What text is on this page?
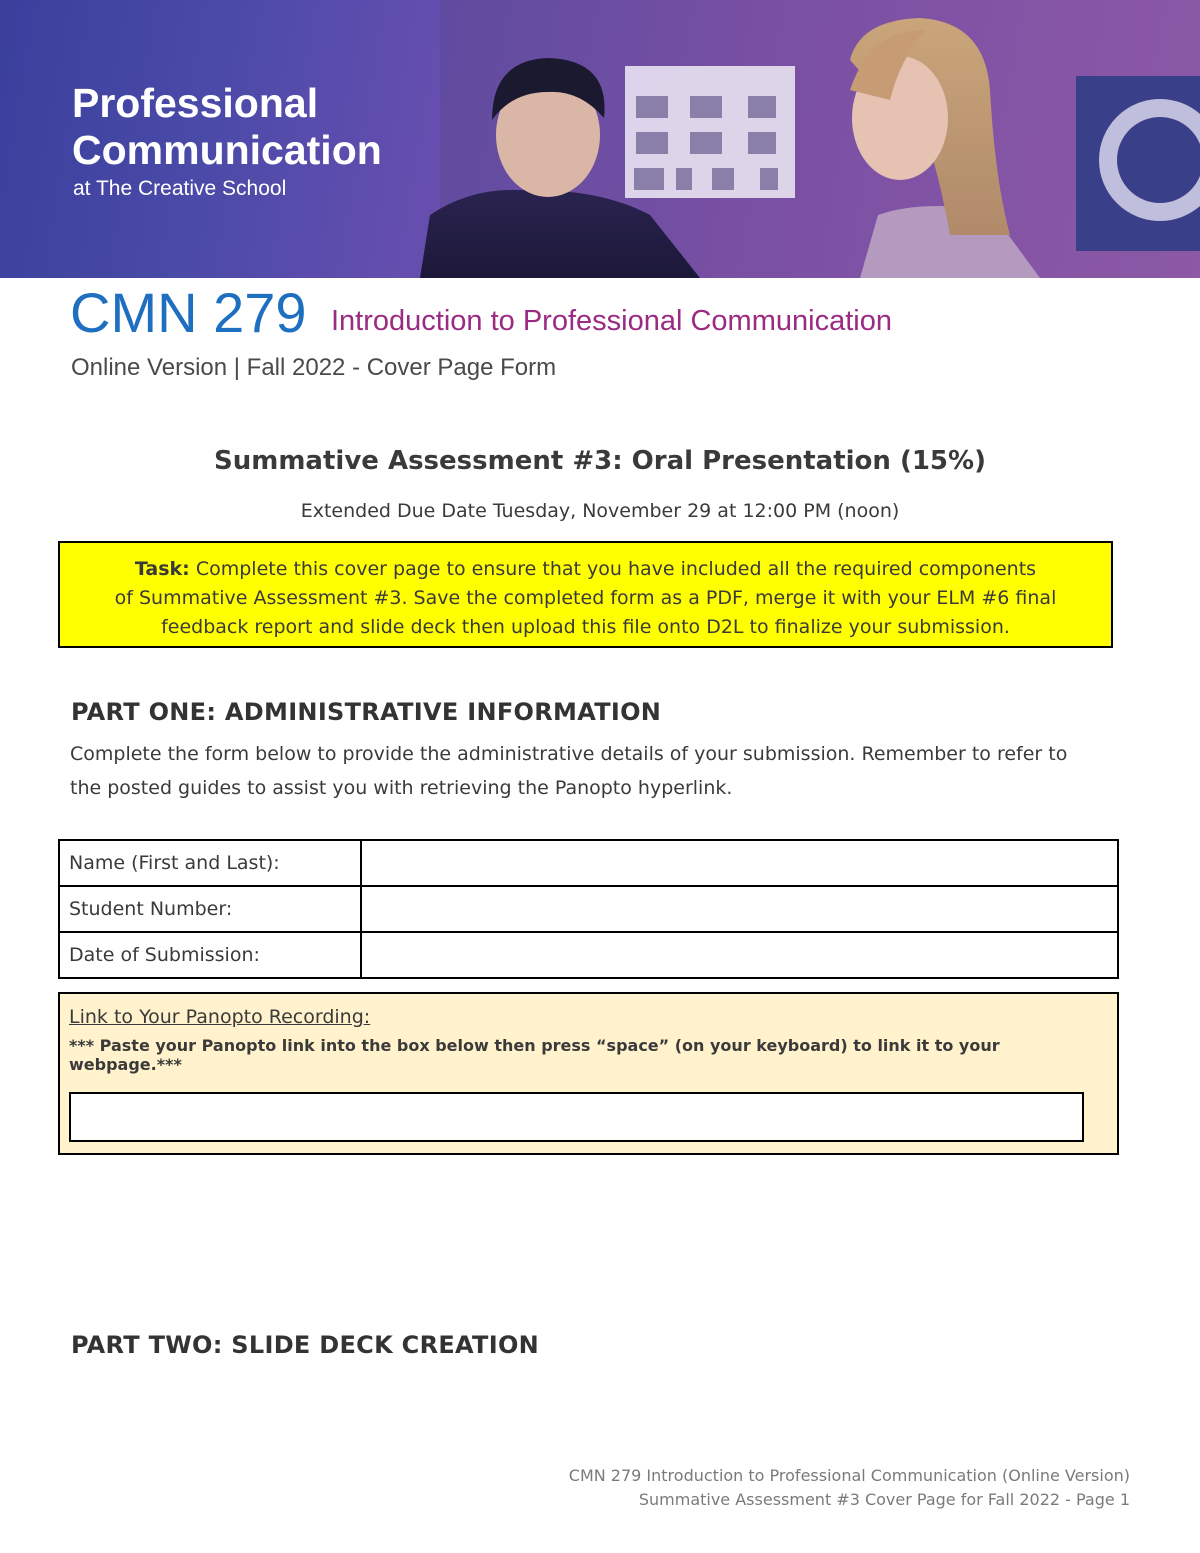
Professional
Communication
at The Creative School
CMN 279 Introduction to Professional Communication
Online Version | Fall 2022 - Cover Page Form
Summative Assessment #3: Oral Presentation (15%)
Extended Due Date Tuesday, November 29 at 12:00 PM (noon)
Task: Complete this cover page to ensure that you have included all the required components
of Summative Assessment #3. Save the completed form as a PDF, merge it with your ELM #6 final
feedback report and slide deck then upload this file onto D2L to finalize your submission.
PART ONE: ADMINISTRATIVE INFORMATION
Complete the form below to provide the administrative details of your submission. Remember to refer to
the posted guides to assist you with retrieving the Panopto hyperlink.
Name (First and Last):	
Student Number:	
Date of Submission:	
Link to Your Panopto Recording:
*** Paste your Panopto link into the box below then press “space” (on your keyboard) to link it to your webpage.***
PART TWO: SLIDE DECK CREATION
CMN 279 Introduction to Professional Communication (Online Version)
Summative Assessment #3 Cover Page for Fall 2022 - Page 1
